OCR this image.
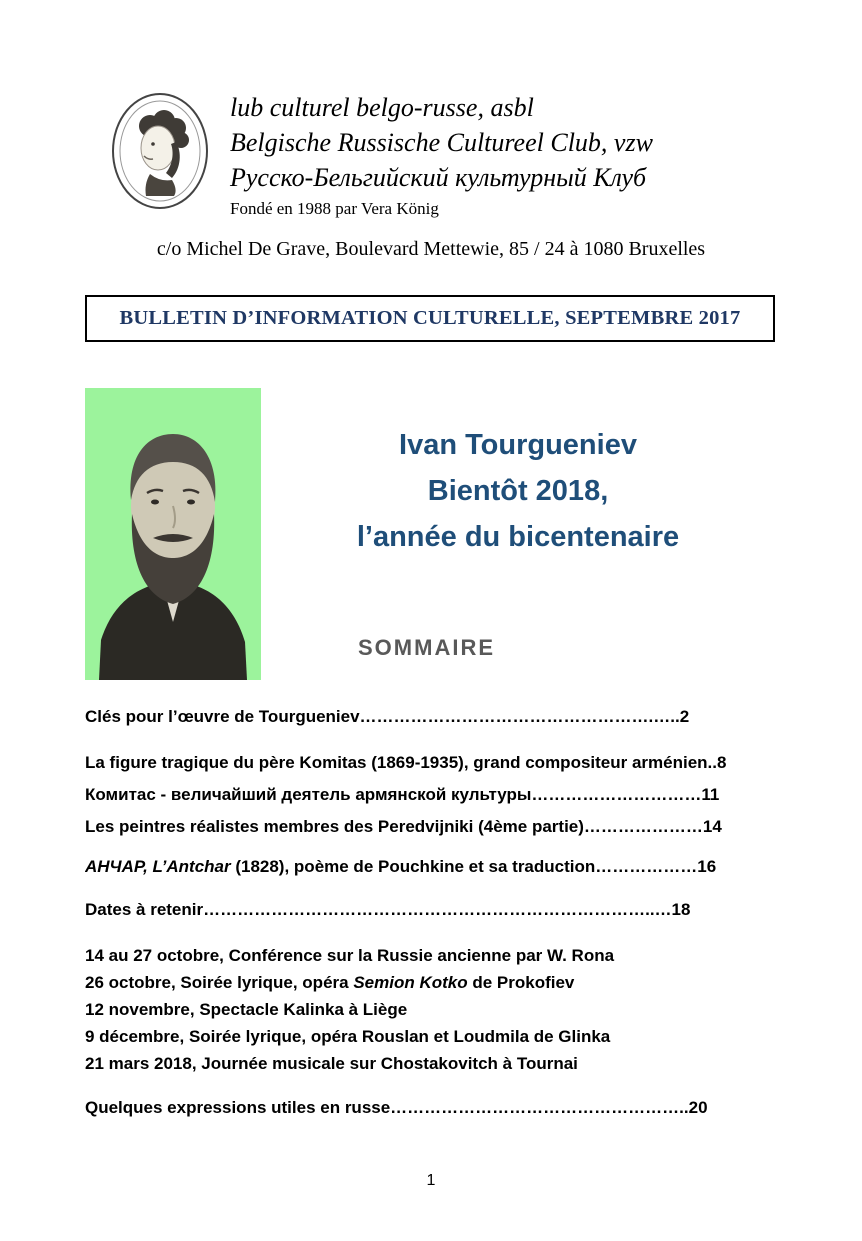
lub culturel belgo-russe, asbl
Belgische Russische Cultureel Club, vzw
Русско-Бельгийский культурный Клуб
Fondé en 1988 par Vera König
c/o Michel De Grave, Boulevard Mettewie, 85 / 24 à 1080 Bruxelles
BULLETIN D’INFORMATION CULTURELLE, SEPTEMBRE 2017
Ivan Tourgueniev
Bientôt 2018,
l’année du bicentenaire
SOMMAIRE
Clés pour l’œuvre de Tourgueniev…………………………………………….…..2
La figure tragique du père Komitas (1869-1935), grand compositeur arménien..8
Комитас - величайший деятель армянской культуры…………………………11
Les peintres réalistes membres des Peredvijniki (4ème partie)…………………14
АНЧАР, L’Antchar (1828), poème de Pouchkine et sa traduction………………16
Dates à retenir……………………………………………………………………..…18
14 au 27 octobre, Conférence sur la Russie ancienne par W. Rona
26 octobre, Soirée lyrique, opéra Semion Kotko de Prokofiev
12 novembre, Spectacle Kalinka à Liège
9 décembre, Soirée lyrique, opéra Rouslan et Loudmila de Glinka
21 mars 2018, Journée musicale sur Chostakovitch à Tournai
Quelques expressions utiles en russe……………………………………………..20
1
